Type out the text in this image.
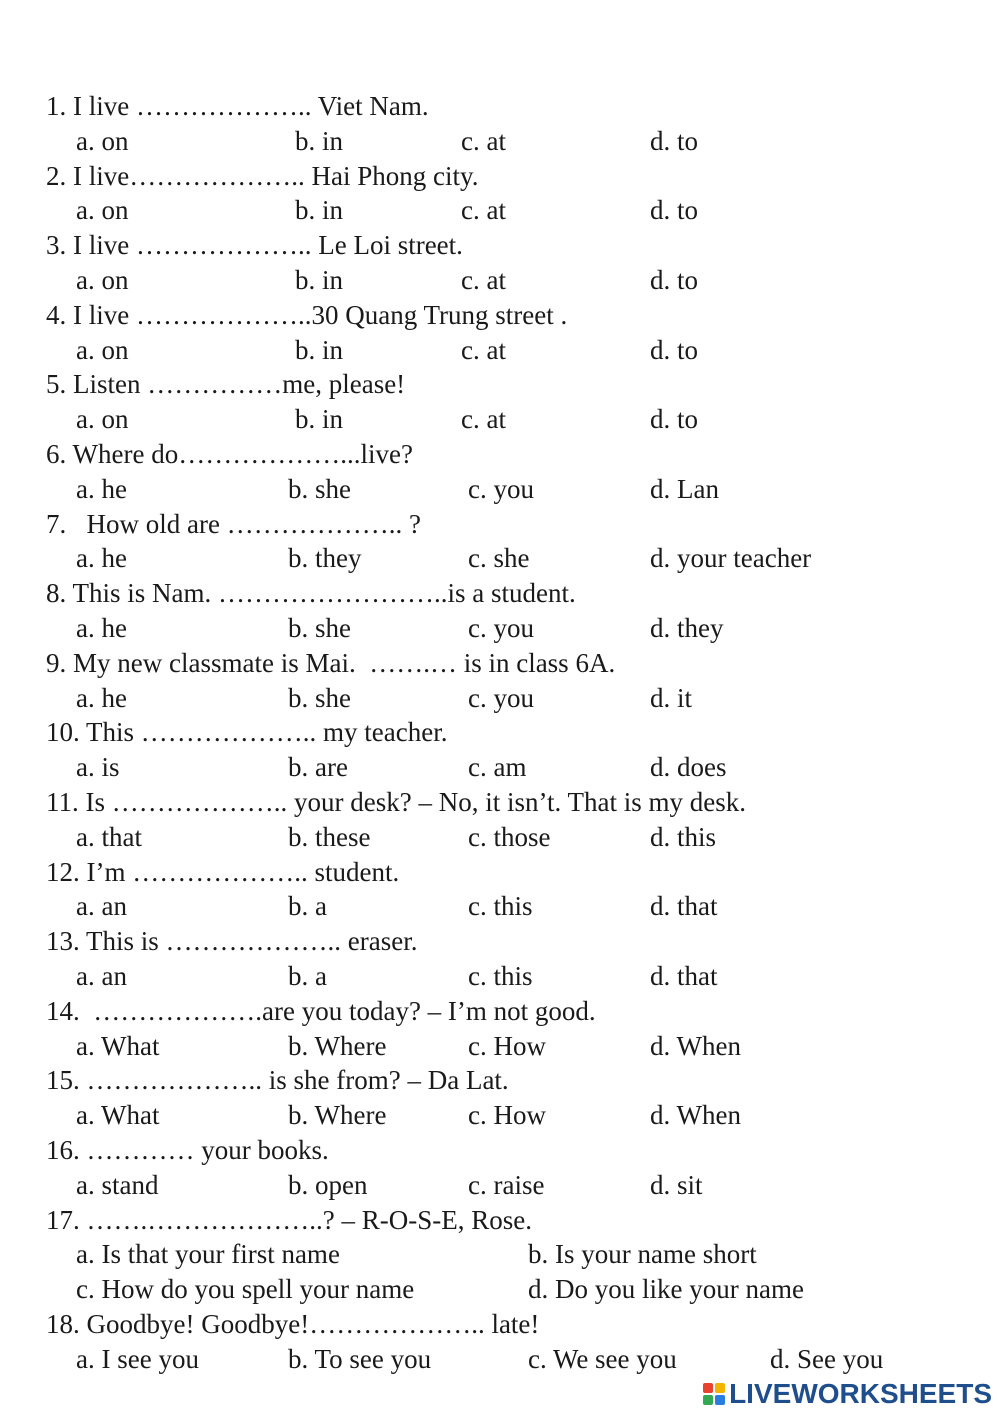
1. I live ……………….. Viet Nam.
a. on	b. in	c. at	d. to
2. I live……………….. Hai Phong city.
a. on	b. in	c. at	d. to
3. I live ……………….. Le Loi street.
a. on	b. in	c. at	d. to
4. I live ………………..30 Quang Trung street .
a. on	b. in	c. at	d. to
5. Listen ……………me, please!
a. on	b. in	c. at	d. to
6. Where do………………...live?
a. he	b. she	c. you	d. Lan
7.   How old are ……………….. ?
a. he	b. they	c. she	d. your teacher
8. This is Nam. ……………………..is a student.
a. he	b. she	c. you	d. they
9. My new classmate is Mai.  …….… is in class 6A.
a. he	b. she	c. you	d. it
10. This ……………….. my teacher.
a. is	b. are	c. am	d. does
11. Is ……………….. your desk? – No, it isn’t. That is my desk.
a. that	b. these	c. those	d. this
12. I’m ……………….. student.
a. an	b. a	c. this	d. that
13. This is ……………….. eraser.
a. an	b. a	c. this	d. that
14.  ……………….are you today? – I’m not good.
a. What	b. Where	c. How	d. When
15. ……………….. is she from? – Da Lat.
a. What	b. Where	c. How	d. When
16. ………… your books.
a. stand	b. open	c. raise	d. sit
17. …….………………..? – R-O-S-E, Rose.
a. Is that your first name	b. Is your name short
c. How do you spell your name	d. Do you like your name
18. Goodbye! Goodbye!……………….. late!
a. I see you	b. To see you	c. We see you	d. See you
LIVEWORKSHEETS
